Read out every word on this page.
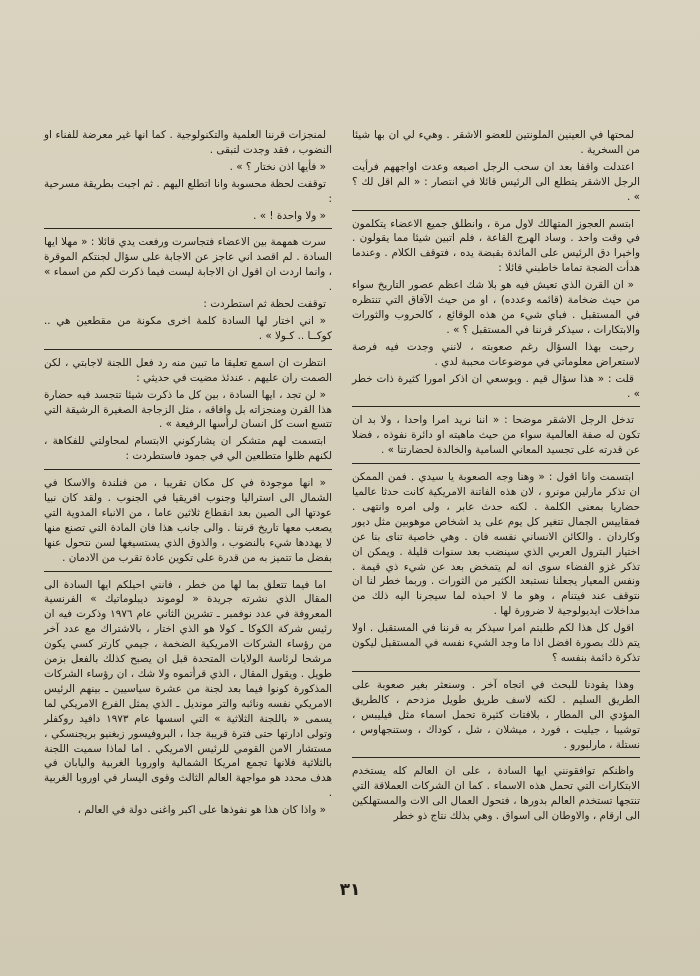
لمحتها في العينين الملونتين للعضو الاشقر . وهيء لي ان بها شيئا من السخرية .

اعتدلت واقفا بعد ان سحب الرجل اصبعه وعدت اواجههم فرأيت الرجل الاشقر يتطلع الى الرئيس قائلا في انتصار : « الم اقل لك ؟ » .

ابتسم العجوز المتهالك لاول مرة ، وانطلق جميع الاعضاء يتكلمون في وقت واحد . وساد الهرج القاعة ، فلم اتبين شيئا مما يقولون . واخيرا دق الرئيس على المائدة بقبضة يده ، فتوقف الكلام . وعندما هدأت الضجة تماما خاطبني قائلا :

« ان القرن الذي تعيش فيه هو بلا شك اعظم عصور التاريخ سواء من حيث ضخامة (قائمه وعدده) ، او من حيث الآفاق التي تنتظره في المستقبل . فباي شيء من هذه الوقائع ، كالحروب والثورات والابتكارات ، سيذكر قرننا في المستقبل ؟ » .

رحبت بهذا السؤال رغم صعوبته ، لانني وجدت فيه فرصة لاستعراض معلوماتي في موضوعات محببة لدي .

قلت : « هذا سؤال قيم . وبوسعي ان اذكر امورا كثيرة ذات خطر » .

تدخل الرجل الاشقر موضحا : « اننا نريد امرا واحدا ، ولا بد ان تكون له صفة العالمية سواء من حيث ماهيته او دائرة نفوذه ، فضلا عن قدرته على تجسيد المعاني السامية والخالدة لحضارتنا » .

ابتسمت وانا اقول : « وهنا وجه الصعوبة يا سيدي . فمن الممكن ان تذكر مارلين مونرو ، لان هذه الفاتنة الامريكية كانت حدثا عالميا حضاريا بمعنى الكلمة . لكنه حدث عابر ، ولى امره وانتهى . فمقاييس الجمال تتغير كل يوم على يد اشخاص موهوبين مثل ديور وكاردان . والكائن الانساني نفسه فان . وهي خاصية تناى بنا عن اختيار البترول العربي الذي سينضب بعد سنوات قليلة . ويمكن ان تذكر غزو الفضاء سوى انه لم يتمخض بعد عن شيء ذي قيمة . ونفس المعيار يجعلنا نستبعد الكثير من الثورات . وربما خطر لنا ان نتوقف عند فيتنام ، وهو ما لا احبذه لما سيجرنا اليه ذلك من مداخلات ايديولوجية لا ضرورة لها .

اقول كل هذا لكم طلبتم امرا سيذكر به قرننا في المستقبل . اولا يتم ذلك بصورة افضل اذا ما وجد الشيء نفسه في المستقبل ليكون تذكرة دائمة بنفسه ؟

وهذا يقودنا للبحث في اتجاه آخر . وسنعثر بغير صعوبة على الطريق السليم . لكنه لاسف طريق طويل مزدحم ، كالطريق المؤدي الى المطار ، بلافتات كثيرة تحمل اسماء مثل فيليبس ، توشيبا ، جيليت ، فورد ، ميشلان ، شل ، كوداك ، وستنجهاوس ، نستلة ، مارلبورو .

واظنكم توافقونني ايها السادة ، على ان العالم كله يستخدم الابتكارات التي تحمل هذه الاسماء . كما ان الشركات العملاقة التي تنتجها تستخدم العالم بدورها ، فتحول العمال الى الات والمستهلكين الى ارقام ، والاوطان الى اسواق . وهي بذلك نتاج ذو خطر

لمنجزات قرننا العلمية والتكنولوجية . كما انها غير معرضة للفناء او النضوب ، فقد وجدت لتبقى .

« فأيها اذن نختار ؟ » .

توقفت لحظة محسوبة وانا اتطلع اليهم . ثم اجبت بطريقة مسرحية :

« ولا واحدة ! » .

سرت همهمة بين الاعضاء فتجاسرت ورفعت يدي قائلا : « مهلا ايها السادة . لم اقصد اني عاجز عن الاجابة على سؤال لجنتكم الموقرة ، وانما اردت ان اقول ان الاجابة ليست فيما ذكرت لكم من اسماء » .

توقفت لحظة ثم استطردت :

« اني اختار لها السادة كلمة اخرى مكونة من مقطعين هي .. كوكــا .. كـولا » .

انتظرت ان اسمع تعليقا ما تبين منه رد فعل اللجنة لاجابتي ، لكن الصمت ران عليهم . عندئذ مضيت في حديثي :

« لن تجد ، ايها السادة ، بين كل ما ذكرت شيئا تتجسد فيه حضارة هذا القرن ومنجزاته بل وافاقه ، مثل الزجاجة الصغيرة الرشيقة التي تتسع است كل انسان لرأسها الرفيعة » .

ابتسمت لهم متشكر ان يشاركوني الابتسام لمحاولتي للفكاهة ، لكنهم ظلوا متطلعين الي في جمود فاستطردت :

« انها موجودة في كل مكان تقريبا ، من فنلندة والاسكا في الشمال الى استراليا وجنوب افريقيا في الجنوب . ولقد كان نبيا عودتها الى الصين بعد انقطاع ثلاثين عاما ، من الانباء المدوية التي يصعب معها تاريخ قرننا . والى جانب هذا فان المادة التي تصنع منها لا يهددها شيء بالنضوب ، والذوق الذي يستسيغها لسن نتحول عنها بفضل ما تتميز به من قدرة على تكوين عادة تقرب من الادمان .

اما فيما تتعلق بما لها من خطر ، فانني احيلكم ايها السادة الى المقال الذي نشرته جريدة « لوموند ديبلوماتيك » الفرنسية المعروفة في عدد نوفمبر ـ تشرين الثاني عام ١٩٧٦ وذكرت فيه ان رئيس شركة الكوكا ـ كولا هو الذي اختار ، بالاشتراك مع عدد آخر من رؤساء الشركات الامريكية الضخمة ، جيمي كارتر كسي يكون مرشحا لرئاسة الولايات المتحدة قبل ان يصبح كذلك بالفعل بزمن طويل . ويقول المقال ، الذي قرأتموه ولا شك ، ان رؤساء الشركات المذكورة كونوا فيما بعد لجنة من عشرة سياسيين ـ بينهم الرئيس الامريكي نفسه ونائبه والتر مونديل ـ الذي يمثل الفرع الامريكي لما يسمى « باللجنة الثلاثية » التي اسسها عام ١٩٧٣ دافيد روكفلر وتولى ادارتها حتى فترة قريبة جدا ، البروفيسور زبغنيو بريجنسكي ، مستشار الامن القومي للرئيس الامريكي . اما لماذا سميت اللجنة بالثلاثية فلانها تجمع امريكا الشمالية واوروبا الغربية واليابان في هدف محدد هو مواجهة العالم الثالث وقوى اليسار في اوروبا الغربية .

« واذا كان هذا هو نفوذها على اكبر واغنى دولة في العالم ،

٣١
